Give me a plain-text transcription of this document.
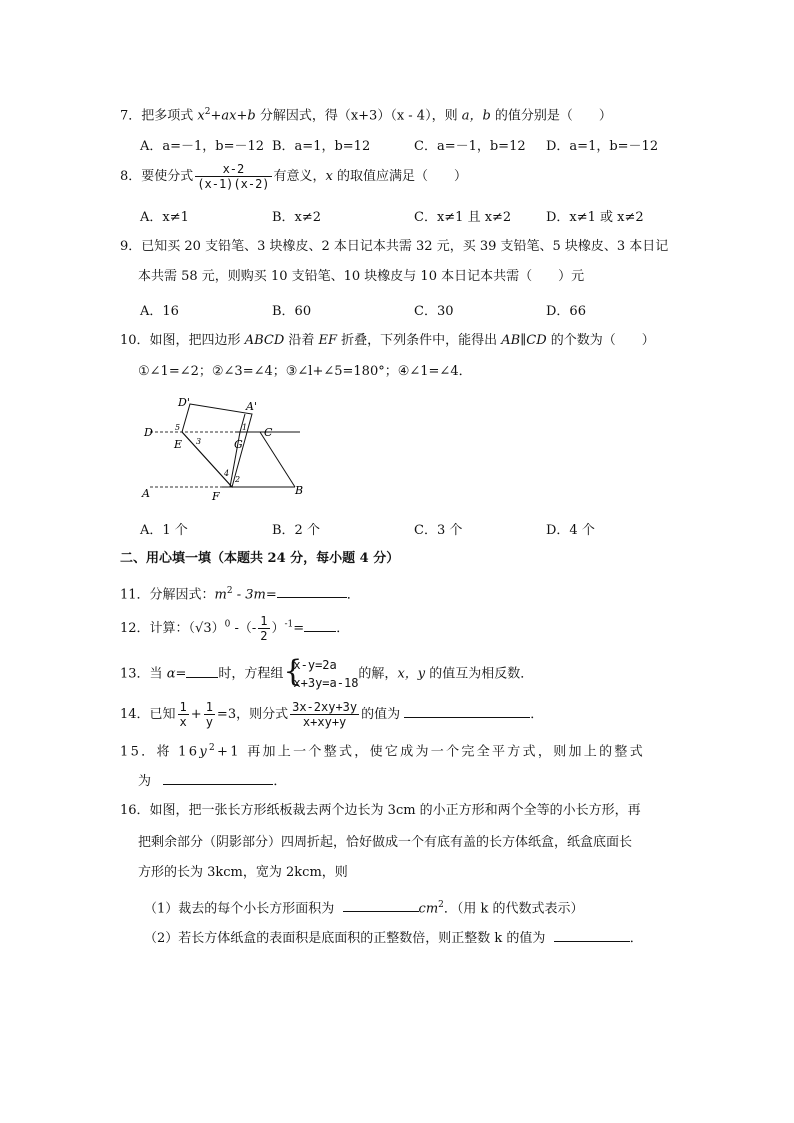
7．把多项式 $x^2+ax+b$ 分解因式，得（x+3）（x - 4），则 a，b 的值分别是（　　）
A．a=－1，b=－12 B．a=1，b=12	C．a=－1，b=12 D．a=1，b=－12
8．要使分式 $\frac{x-2}{(x-1)(x-2)}$ 有意义，x 的取值应满足（　　）
A．x≠1	B．x≠2	C．x≠1 且 x≠2	D．x≠1 或 x≠2
9．已知买 20 支铅笔、3 块橡皮、2 本日记本共需 32 元，买 39 支铅笔、5 块橡皮、3 本日记
本共需 58 元，则购买 10 支铅笔、10 块橡皮与 10 本日记本共需（　　）元
A．16	B．60	C．30	D．66
10．如图，把四边形 ABCD 沿着 EF 折叠，下列条件中，能得出 AB∥CD 的个数为（　　）
①∠1=∠2；②∠3=∠4；③∠l+∠5=180°；④∠1=∠4．
D'	A'
D	C
E	G
A	F	B
1
2
3
4
5
A．1 个	B．2 个	C．3 个	D．4 个
二、用心填一填（本题共 24 分，每小题 4 分）
11．分解因式：$m^2 - 3m=$	．
12．计算：$(√3)^0$ -（- $\frac{1}{2} )^{-1}=$ ．
13．当 α= 时，方程组 {
x-y=2a
x+3y=a-18
的解，x，y 的值互为相反数．
14．已知 $\frac{1}{x} + \frac{1}{y} =3$，则分式 $\frac{3x-2xy+3y}{x+xy+y}$ 的值为	．
15．将 $16y^2+1$ 再加上一个整式，使它成为一个完全平方式，则加上的整式
为	．
16．如图，把一张长方形纸板裁去两个边长为 3cm 的小正方形和两个全等的小长方形，再
把剩余部分（阴影部分）四周折起，恰好做成一个有底有盖的长方体纸盒，纸盒底面长
方形的长为 3kcm，宽为 2kcm，则
（1）裁去的每个小长方形面积为	$cm^2$．（用 k 的代数式表示）
（2）若长方体纸盒的表面积是底面积的正整数倍，则正整数 k 的值为	．
